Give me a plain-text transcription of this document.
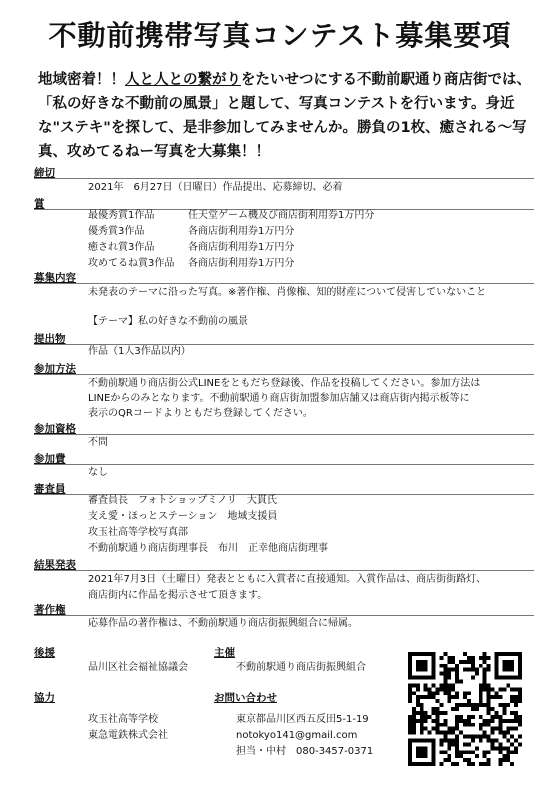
不動前携帯写真コンテスト募集要項
地域密着！！人と人との繋がりをたいせつにする不動前駅通り商店街では、「私の好きな不動前の風景」と題して、写真コンテストを行います。身近な"ステキ"を探して、是非参加してみませんか。勝負の1枚、癒される～写真、攻めてるねー写真を大募集！！
締切
2021年　6月27日（日曜日）作品提出、応募締切、必着
賞
最優秀賞1作品	任天堂ゲーム機及び商店街利用券1万円分
優秀賞3作品	各商店街利用券1万円分
癒され賞3作品	各商店街利用券1万円分
攻めてるね賞3作品 各商店街利用券1万円分
募集内容
未発表のテーマに沿った写真。※著作権、肖像権、知的財産について侵害していないこと
【テーマ】私の好きな不動前の風景
提出物
作品（1人3作品以内）
参加方法
不動前駅通り商店街公式LINEをともだち登録後、作品を投稿してください。参加方法は
LINEからのみとなります。不動前駅通り商店街加盟参加店舗又は商店街内掲示板等に
表示のQRコードよりともだち登録してください。
参加資格
不問
参加費
なし
審査員
審査員長　フォトショップミノリ　大貫氏
支え愛・ほっとステーション　地域支援員
攻玉社高等学校写真部
不動前駅通り商店街理事長　布川　正幸他商店街理事
結果発表
2021年7月3日（土曜日）発表とともに入賞者に直接通知。入賞作品は、商店街街路灯、
商店街内に作品を掲示させて頂きます。
著作権
応募作品の著作権は、不動前駅通り商店街振興組合に帰属。
後援
品川区社会福祉協議会
主催
不動前駅通り商店街振興組合
協力
攻玉社高等学校
東急電鉄株式会社
お問い合わせ
東京都品川区西五反田5-1-19
notokyo141@gmail.com
担当・中村　080-3457-0371
